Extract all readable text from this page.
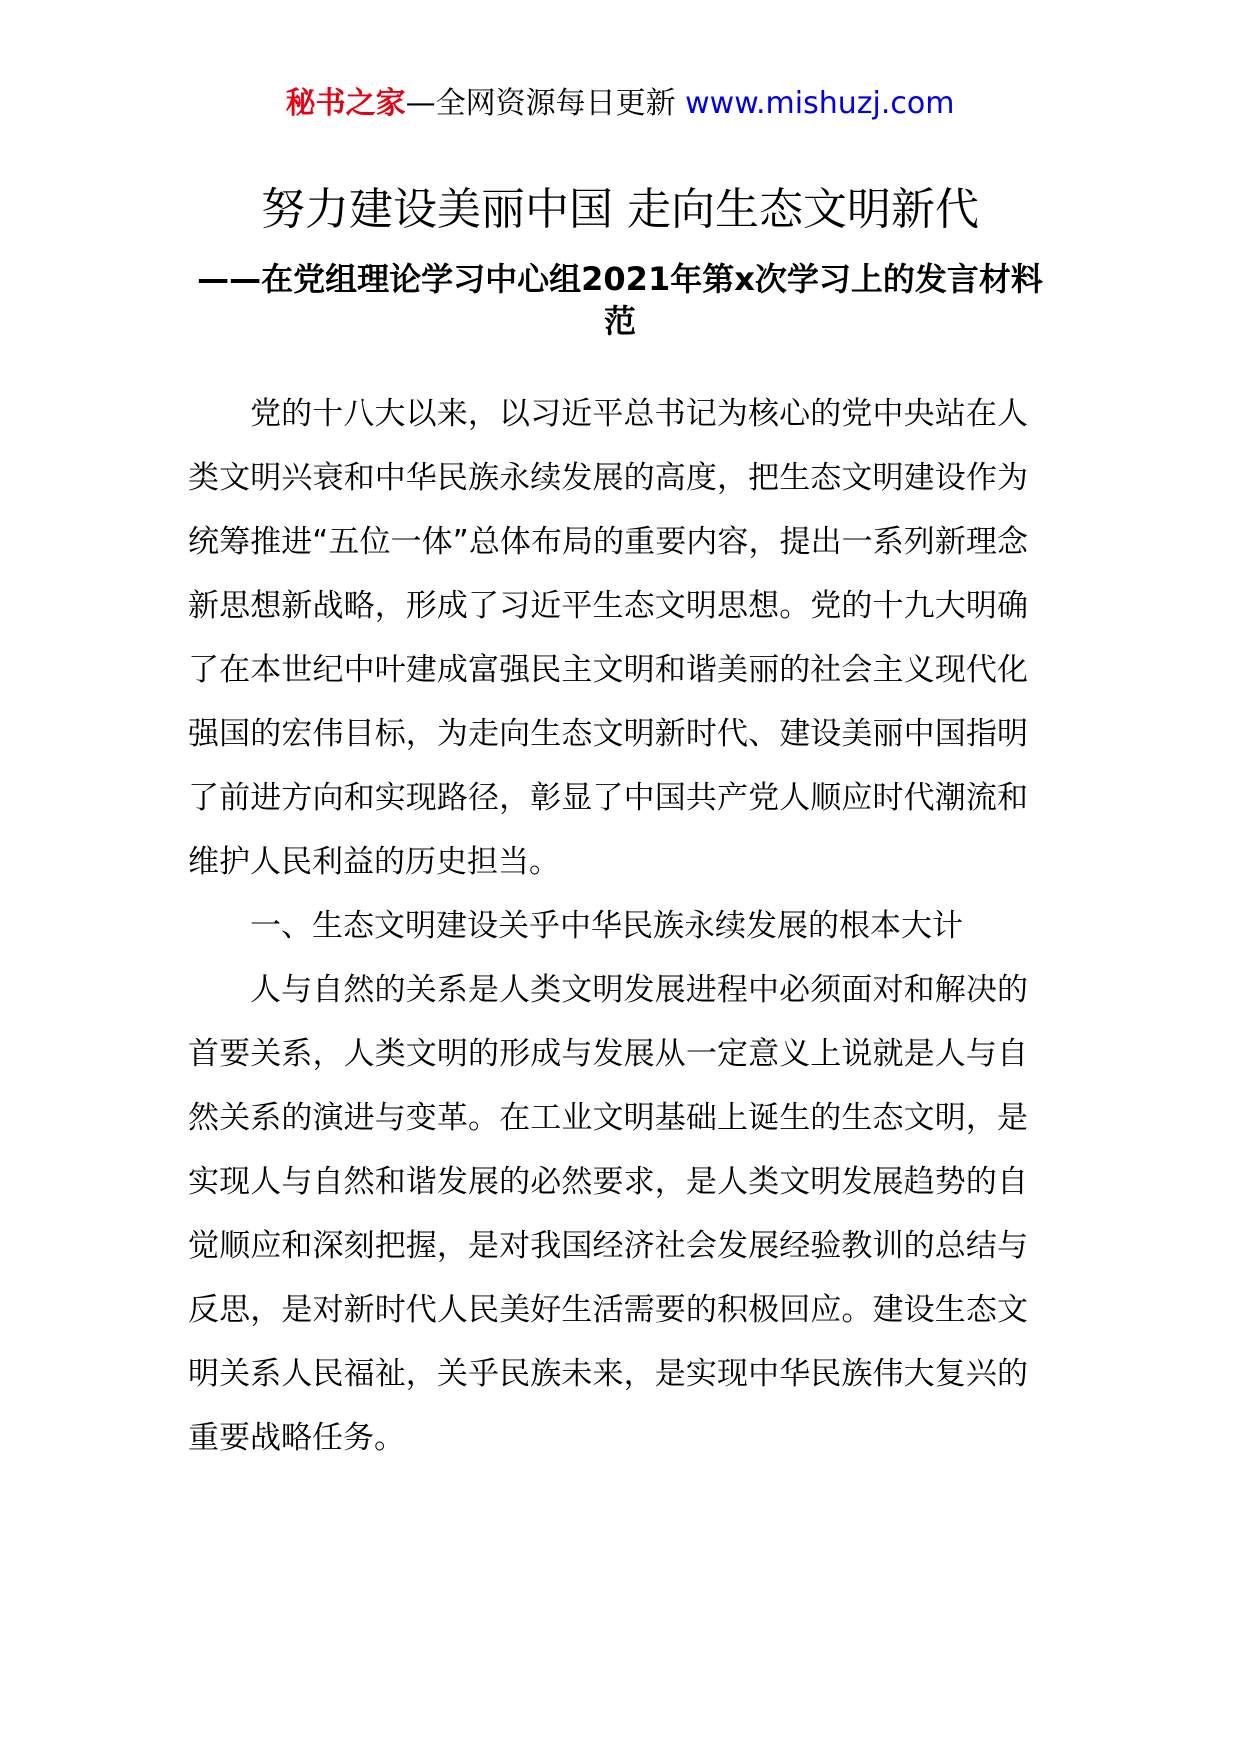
秘书之家—全网资源每日更新 www.mishuzj.com
努力建设美丽中国 走向生态文明新代
——在党组理论学习中心组2021年第x次学习上的发言材料范

党的十八大以来，以习近平总书记为核心的党中央站在人类文明兴衰和中华民族永续发展的高度，把生态文明建设作为统筹推进“五位一体”总体布局的重要内容，提出一系列新理念新思想新战略，形成了习近平生态文明思想。党的十九大明确了在本世纪中叶建成富强民主文明和谐美丽的社会主义现代化强国的宏伟目标，为走向生态文明新时代、建设美丽中国指明了前进方向和实现路径，彰显了中国共产党人顺应时代潮流和维护人民利益的历史担当。

一、生态文明建设关乎中华民族永续发展的根本大计

人与自然的关系是人类文明发展进程中必须面对和解决的首要关系，人类文明的形成与发展从一定意义上说就是人与自然关系的演进与变革。在工业文明基础上诞生的生态文明，是实现人与自然和谐发展的必然要求，是人类文明发展趋势的自觉顺应和深刻把握，是对我国经济社会发展经验教训的总结与反思，是对新时代人民美好生活需要的积极回应。建设生态文明关系人民福祉，关乎民族未来，是实现中华民族伟大复兴的重要战略任务。
